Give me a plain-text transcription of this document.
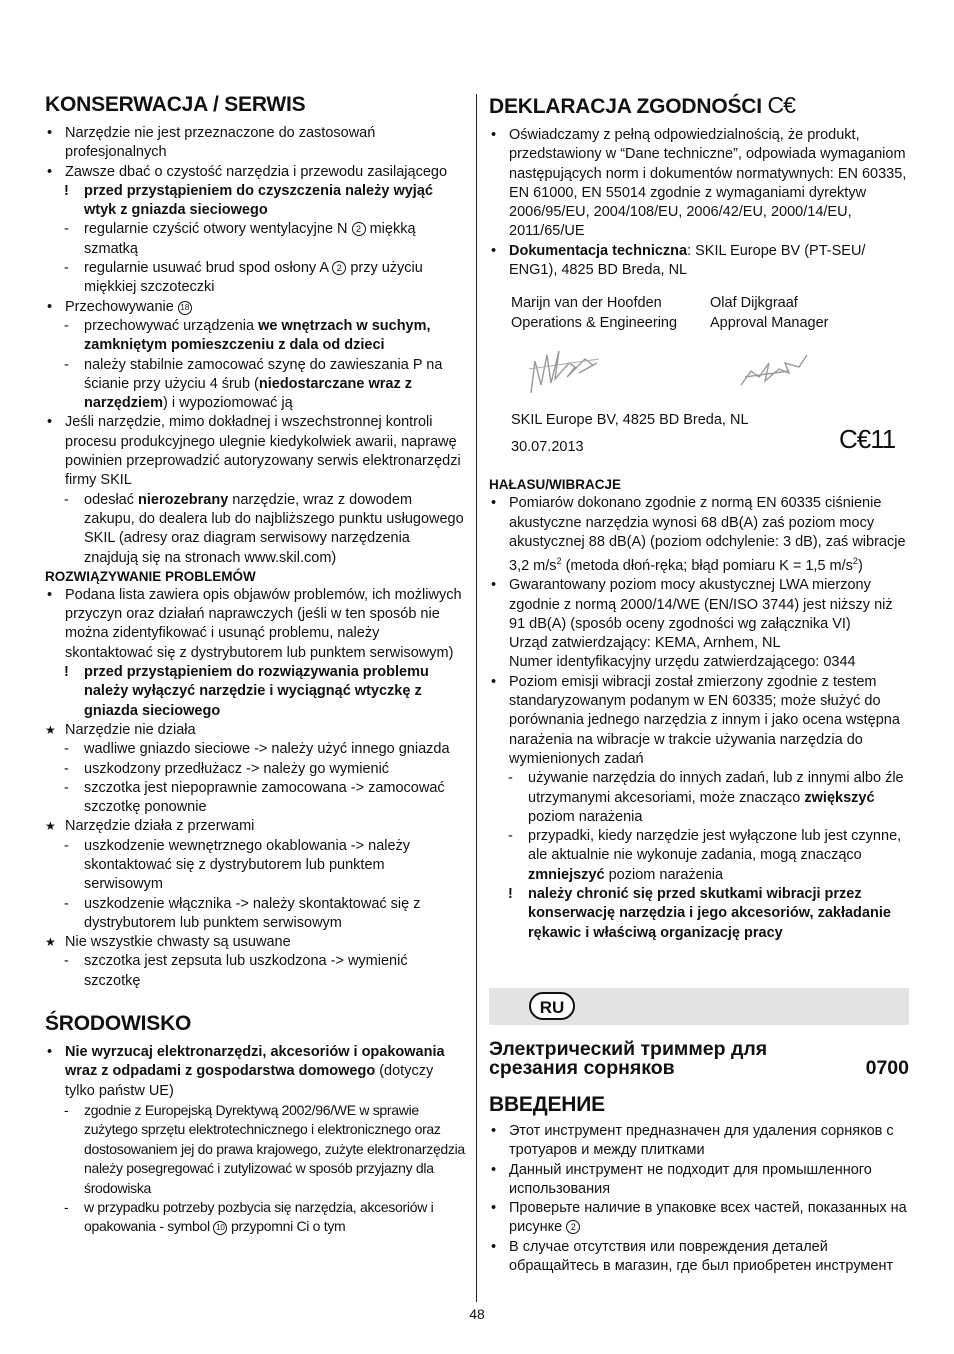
KONSERWACJA / SERWIS
• Narzędzie nie jest przeznaczone do zastosowań profesjonalnych
• Zawsze dbać o czystość narzędzia i przewodu zasilającego
! przed przystąpieniem do czyszczenia należy wyjąć wtyk z gniazda sieciowego
- regularnie czyścić otwory wentylacyjne N 2 miękką szmatką
- regularnie usuwać brud spod osłony A 2 przy użyciu miękkiej szczoteczki
• Przechowywanie 18
- przechowywać urządzenia we wnętrzach w suchym, zamkniętym pomieszczeniu z dala od dzieci
- należy stabilnie zamocować szynę do zawieszania P na ścianie przy użyciu 4 śrub (niedostarczane wraz z narzędziem) i wypoziomować ją
• Jeśli narzędzie, mimo dokładnej i wszechstronnej kontroli procesu produkcyjnego ulegnie kiedykolwiek awarii, naprawę powinien przeprowadzić autoryzowany serwis elektronarzędzi firmy SKIL
- odesłać nierozebrany narzędzie, wraz z dowodem zakupu, do dealera lub do najbliższego punktu usługowego SKIL (adresy oraz diagram serwisowy narzędzenia znajdują się na stronach www.skil.com)
ROZWIĄZYWANIE PROBLEMÓW
• Podana lista zawiera opis objawów problemów, ich możliwych przyczyn oraz działań naprawczych (jeśli w ten sposób nie można zidentyfikować i usunąć problemu, należy skontaktować się z dystrybutorem lub punktem serwisowym)
! przed przystąpieniem do rozwiązywania problemu należy wyłączyć narzędzie i wyciągnąć wtyczkę z gniazda sieciowego
★ Narzędzie nie działa
- wadliwe gniazdo sieciowe -> należy użyć innego gniazda
- uszkodzony przedłużacz -> należy go wymienić
- szczotka jest niepoprawnie zamocowana -> zamocować szczotkę ponownie
★ Narzędzie działa z przerwami
- uszkodzenie wewnętrznego okablowania -> należy skontaktować się z dystrybutorem lub punktem serwisowym
- uszkodzenie włącznika -> należy skontaktować się z dystrybutorem lub punktem serwisowym
★ Nie wszystkie chwasty są usuwane
- szczotka jest zepsuta lub uszkodzona -> wymienić szczotkę
ŚRODOWISKO
• Nie wyrzucaj elektronarzędzi, akcesoriów i opakowania wraz z odpadami z gospodarstwa domowego (dotyczy tylko państw UE)
- zgodnie z Europejską Dyrektywą 2002/96/WE w sprawie zużytego sprzętu elektrotechnicznego i elektronicznego oraz dostosowaniem jej do prawa krajowego, zużyte elektronarzędzia należy posegregować i zutylizować w sposób przyjazny dla środowiska
- w przypadku potrzeby pozbycia się narzędzia, akcesoriów i opakowania - symbol 10 przypomni Ci o tym
DEKLARACJA ZGODNOŚCI C€
• Oświadczamy z pełną odpowiedzialnością, że produkt, przedstawiony w “Dane techniczne”, odpowiada wymaganiom następujących norm i dokumentów normatywnych: EN 60335, EN 61000, EN 55014 zgodnie z wymaganiami dyrektyw 2006/95/EU, 2004/108/EU, 2006/42/EU, 2000/14/EU, 2011/65/UE
• Dokumentacja techniczna: SKIL Europe BV (PT-SEU/ ENG1), 4825 BD Breda, NL
Marijn van der Hoofden
Operations & Engineering
Olaf Dijkgraaf
Approval Manager
SKIL Europe BV, 4825 BD Breda, NL
30.07.2013	C€11
HAŁASU/WIBRACJE
• Pomiarów dokonano zgodnie z normą EN 60335 ciśnienie akustyczne narzędzia wynosi 68 dB(A) zaś poziom mocy akustycznej 88 dB(A) (poziom odchylenie: 3 dB), zaś wibracje 3,2 $m/s^2$ (metoda dłoń-ręka; błąd pomiaru K = 1,5 $m/s^2$)
• Gwarantowany poziom mocy akustycznej LWA mierzony zgodnie z normą 2000/14/WE (EN/ISO 3744) jest niższy niż 91 dB(A) (sposób oceny zgodności wg załącznika VI)
Urząd zatwierdzający: KEMA, Arnhem, NL
Numer identyfikacyjny urzędu zatwierdzającego: 0344
• Poziom emisji wibracji został zmierzony zgodnie z testem standaryzowanym podanym w EN 60335; może służyć do porównania jednego narzędzia z innym i jako ocena wstępna narażenia na wibracje w trakcie używania narzędzia do wymienionych zadań
- używanie narzędzia do innych zadań, lub z innymi albo źle utrzymanymi akcesoriami, może znacząco zwiększyć poziom narażenia
- przypadki, kiedy narzędzie jest wyłączone lub jest czynne, ale aktualnie nie wykonuje zadania, mogą znacząco zmniejszyć poziom narażenia
! należy chronić się przed skutkami wibracji przez konserwację narzędzia i jego akcesoriów, zakładanie rękawic i właściwą organizację pracy
RU
Электрический триммер для срезания сорняков	0700
ВВЕДЕНИЕ
• Этот инструмент предназначен для удаления сорняков с тротуаров и между плитками
• Данный инструмент не подходит для промышленного использования
• Проверьте наличие в упаковке всех частей, показанных на рисунке 2
• В случае отсутствия или повреждения деталей обращайтесь в магазин, где был приобретен инструмент
48
